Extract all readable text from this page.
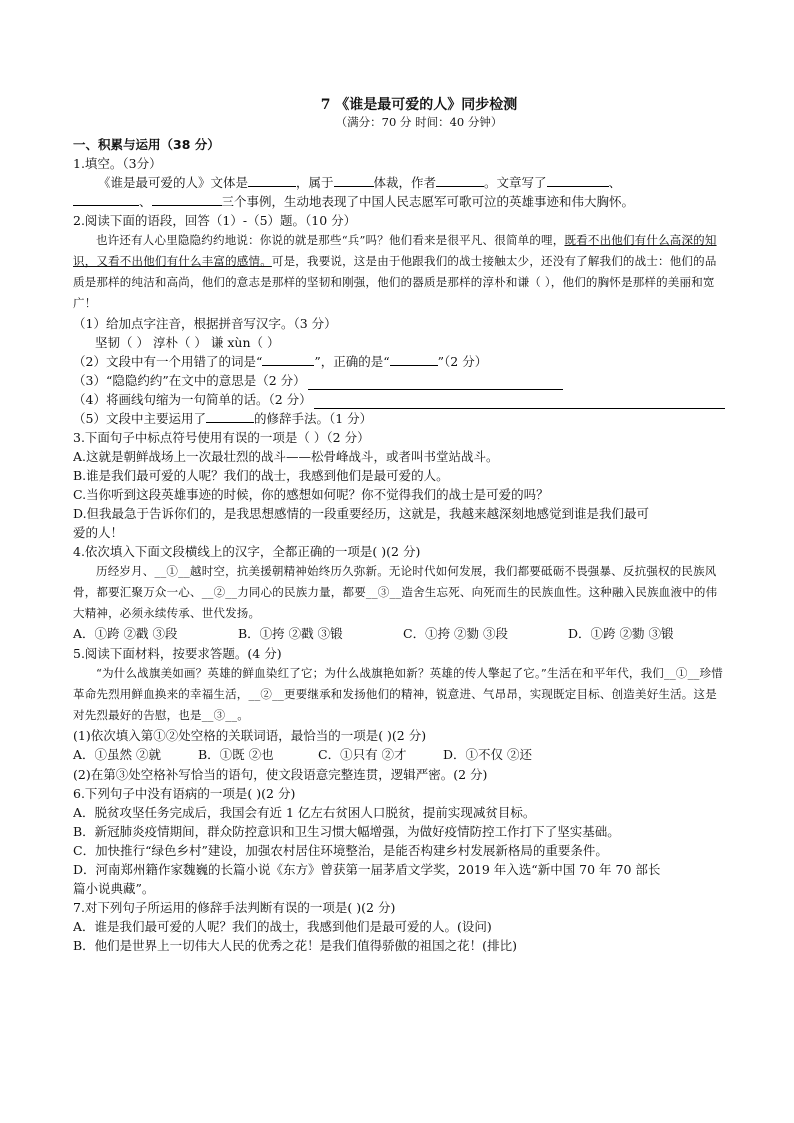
7 《谁是最可爱的人》同步检测
（满分：70 分 时间：40 分钟）
一、积累与运用（38 分）
1.填空。（3分）
《谁是最可爱的人》文体是	，属于	体裁，作者	。文章写了	、
、	三个事例，生动地表现了中国人民志愿军可歌可泣的英雄事迹和伟大胸怀。
2.阅读下面的语段，回答（1）-（5）题。（10 分）
也许还有人心里隐隐约约地说：你说的就是那些“兵”吗？他们看来是很平凡、很简单的哩，既看不出他们有什么高深的知识，又看不出他们有什么丰富的感情。可是，我要说，这是由于他跟我们的战士接触太少，还没有了解我们的战士：他们的品质是那样的纯洁和高尚，他们的意志是那样的坚韧和刚强，他们的器质是那样的淳朴和谦（ ），他们的胸怀是那样的美丽和宽广！
（1）给加点字注音，根据拼音写汉字。（3 分）
坚韧（ ） 淳朴（ ） 谦 xùn（ ）
（2）文段中有一个用错了的词是“	”，正确的是“	”（2 分）
（3）“隐隐约约”在文中的意思是（2 分）
（4）将画线句缩为一句简单的话。（2 分）
（5）文段中主要运用了	的修辞手法。（1 分）
3.下面句子中标点符号使用有误的一项是（ ）（2 分）
A.这就是朝鲜战场上一次最壮烈的战斗——松骨峰战斗，或者叫书堂站战斗。
B.谁是我们最可爱的人呢？我们的战士，我感到他们是最可爱的人。
C.当你听到这段英雄事迹的时候，你的感想如何呢？你不觉得我们的战士是可爱的吗？
D.但我最急于告诉你们的，是我思想感情的一段重要经历，这就是，我越来越深刻地感觉到谁是我们最可
爱的人！
4.依次填入下面文段横线上的汉字，全都正确的一项是( )(2 分)
历经岁月、__①__越时空，抗美援朝精神始终历久弥新。无论时代如何发展，我们都要砥砺不畏强暴、反抗强权的民族风骨，都要汇聚万众一心、__②__力同心的民族力量，都要__③__造舍生忘死、向死而生的民族血性。这种融入民族血液中的伟大精神，必须永续传承、世代发扬。
A．①跨 ②戳 ③段	B．①挎 ②戳 ③锻	C．①挎 ②勠 ③段	D．①跨 ②勠 ③锻
5.阅读下面材料，按要求答题。(4 分)
“为什么战旗美如画？英雄的鲜血染红了它；为什么战旗艳如新？英雄的传人擎起了它。”生活在和平年代，我们__①__珍惜革命先烈用鲜血换来的幸福生活，__②__更要继承和发扬他们的精神，锐意进、气昂昂，实现既定目标、创造美好生活。这是对先烈最好的告慰，也是__③__。
(1)依次填入第①②处空格的关联词语，最恰当的一项是( )(2 分)
A．①虽然 ②就	B．①既 ②也	C．①只有 ②才	D．①不仅 ②还
(2)在第③处空格补写恰当的语句，使文段语意完整连贯，逻辑严密。(2 分)
6.下列句子中没有语病的一项是( )(2 分)
A．脱贫攻坚任务完成后，我国会有近 1 亿左右贫困人口脱贫，提前实现减贫目标。
B．新冠肺炎疫情期间，群众防控意识和卫生习惯大幅增强，为做好疫情防控工作打下了坚实基础。
C．加快推行“绿色乡村”建设，加强农村居住环境整治，是能否构建乡村发展新格局的重要条件。
D．河南郑州籍作家魏巍的长篇小说《东方》曾获第一届茅盾文学奖，2019 年入选“新中国 70 年 70 部长
篇小说典藏”。
7.对下列句子所运用的修辞手法判断有误的一项是( )(2 分)
A．谁是我们最可爱的人呢？我们的战士，我感到他们是最可爱的人。(设问)
B．他们是世界上一切伟大人民的优秀之花！是我们值得骄傲的祖国之花！(排比)
